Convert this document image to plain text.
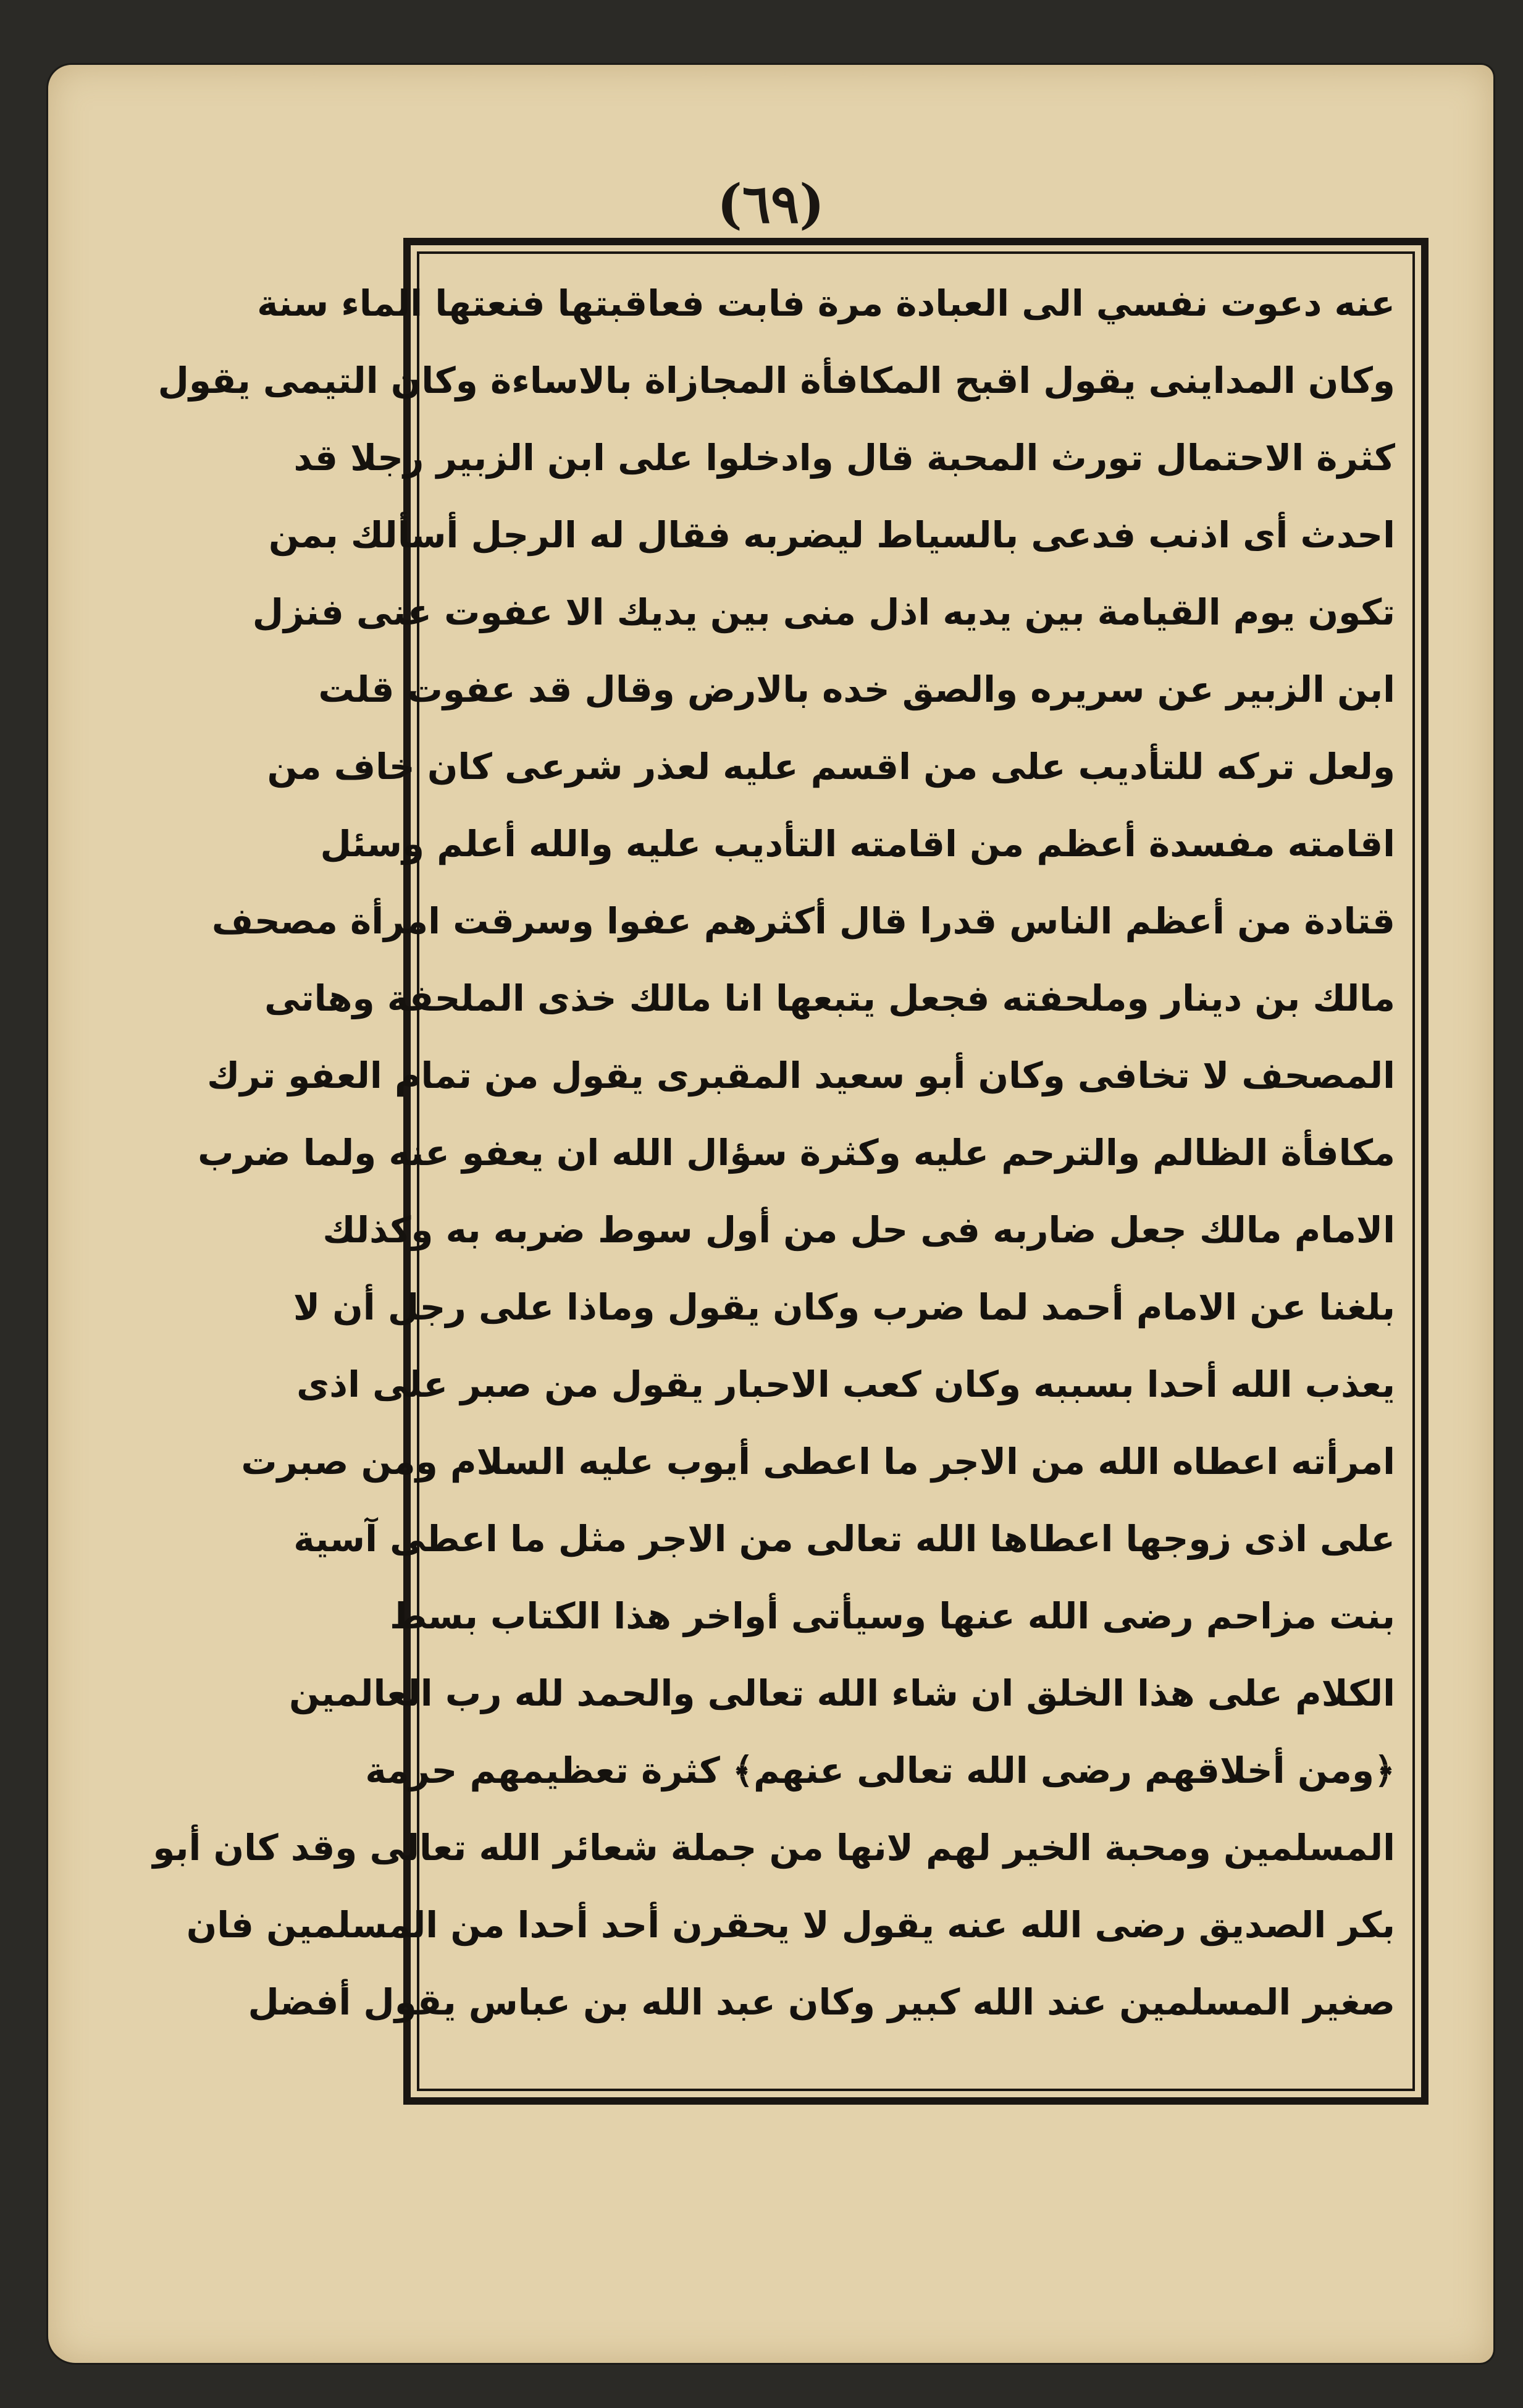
(٦٩)
عنه دعوت نفسي الى العبادة مرة فابت فعاقبتها فنعتها الماء سنة
وكان المداينى يقول اقبح المكافأة المجازاة بالاساءة وكان التيمى يقول
كثرة الاحتمال تورث المحبة قال وادخلوا على ابن الزبير رجلا قد
احدث أى اذنب فدعى بالسياط ليضربه فقال له الرجل أسألك بمن
تكون يوم القيامة بين يديه اذل منى بين يديك الا عفوت عنى فنزل
ابن الزبير عن سريره والصق خده بالارض وقال قد عفوت قلت
ولعل تركه للتأديب على من اقسم عليه لعذر شرعى كان خاف من
اقامته مفسدة أعظم من اقامته التأديب عليه والله أعلم وسئل
قتادة من أعظم الناس قدرا قال أكثرهم عفوا وسرقت امرأة مصحف
مالك بن دينار وملحفته فجعل يتبعها انا مالك خذى الملحفة وهاتى
المصحف لا تخافى وكان أبو سعيد المقبرى يقول من تمام العفو ترك
مكافأة الظالم والترحم عليه وكثرة سؤال الله ان يعفو عنه ولما ضرب
الامام مالك جعل ضاربه فى حل من أول سوط ضربه به وكذلك
بلغنا عن الامام أحمد لما ضرب وكان يقول وماذا على رجل أن لا
يعذب الله أحدا بسببه وكان كعب الاحبار يقول من صبر على اذى
امرأته اعطاه الله من الاجر ما اعطى أيوب عليه السلام ومن صبرت
على اذى زوجها اعطاها الله تعالى من الاجر مثل ما اعطى آسية
بنت مزاحم رضى الله عنها وسيأتى أواخر هذا الكتاب بسط
الكلام على هذا الخلق ان شاء الله تعالى والحمد لله رب العالمين
﴿ومن أخلاقهم رضى الله تعالى عنهم﴾ كثرة تعظيمهم حرمة
المسلمين ومحبة الخير لهم لانها من جملة شعائر الله تعالى وقد كان أبو
بكر الصديق رضى الله عنه يقول لا يحقرن أحد أحدا من المسلمين فان
صغير المسلمين عند الله كبير وكان عبد الله بن عباس يقول أفضل
